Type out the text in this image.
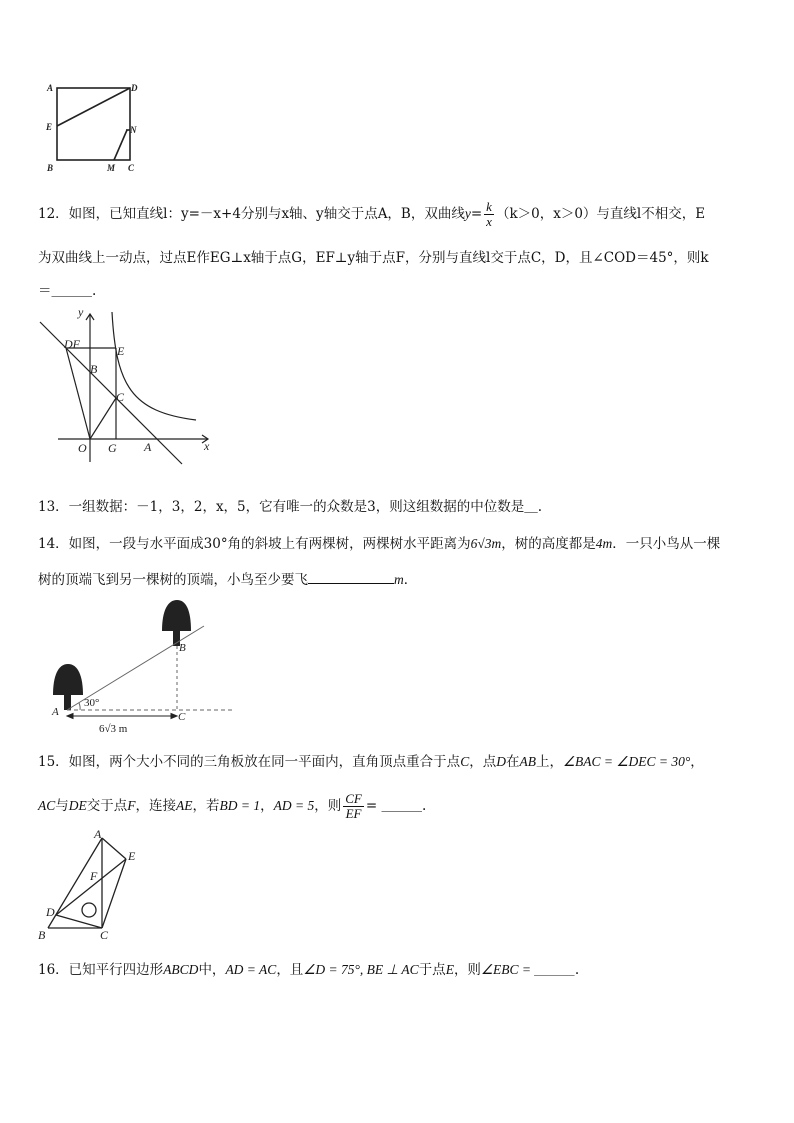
A	D
E	N
B	M C
12．如图，已知直线l：y=－x+4分别与x轴、y轴交于点A，B，双曲线$y= \frac{k}{x} (k>0$，x＞0）与直线l不相交，E
为双曲线上一动点，过点E作EG⊥x轴于点G，EF⊥y轴于点F，分别与直线l交于点C，D，且∠COD＝45°，则k
＝＿＿＿.
y
DF	E
B
C
O G A	x
13．一组数据：－1，3，2，x，5，它有唯一的众数是3，则这组数据的中位数是＿.
14．如图，一段与水平面成30°角的斜坡上有两棵树，两棵树水平距离为6√3m，树的高度都是4m．一只小鸟从一棵
树的顶端飞到另一棵树的顶端，小鸟至少要飞	m．
B
A	C
30°
6√3 m
15．如图，两个大小不同的三角板放在同一平面内，直角顶点重合于点C，点D在AB上，∠BAC = ∠DEC = 30°，
AC与DE交于点F，连接AE，若BD = 1，AD = 5，则 $\frac{CF}{EF}$ = ＿＿＿.
A
E
F
D
B	C
16．已知平行四边形ABCD中，AD = AC，且∠D = 75°, BE ⊥ AC于点E，则∠EBC = ＿＿＿.
